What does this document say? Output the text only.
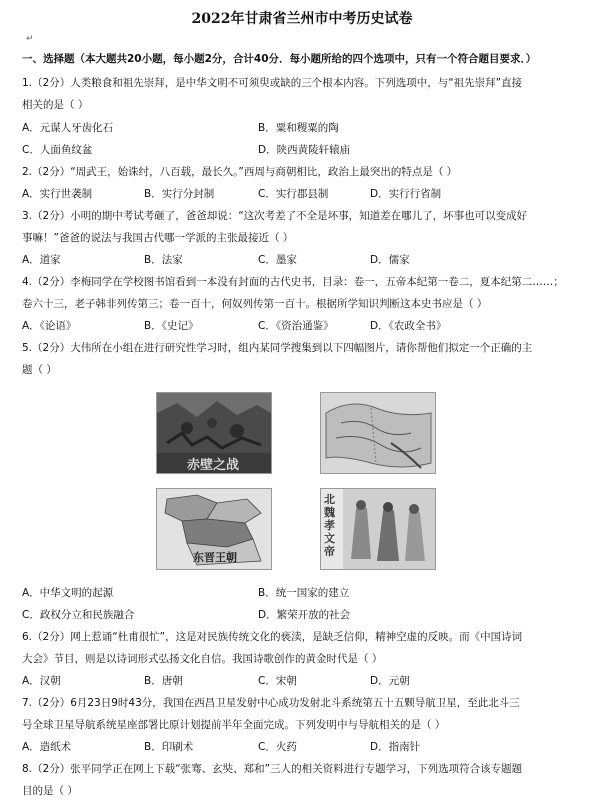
2022年甘肃省兰州市中考历史试卷
↵
一、选择题（本大题共20小题，每小题2分，合计40分．每小题所给的四个选项中，只有一个符合题目要求．）
1.（2分）人类粮食和祖先崇拜，是中华文明不可须臾或缺的三个根本内容。下列选项中，与“祖先崇拜”直接
相关的是（ ）
A．元谋人牙齿化石	B．粟和稷粟的陶
C．人面鱼纹盆	D．陕西黄陵轩辕庙
2.（2分）“周武王，始诛纣，八百载，最长久。”西周与商朝相比，政治上最突出的特点是（ ）
A．实行世袭制	B．实行分封制	C．实行郡县制	D．实行行省制
3.（2分）小明的期中考试考砸了，爸爸却说：“这次考差了不全是坏事，知道差在哪儿了，坏事也可以变成好
事嘛！”爸爸的说法与我国古代哪一学派的主张最接近（ ）
A．道家	B．法家	C．墨家	D．儒家
4.（2分）李梅同学在学校图书馆看到一本没有封面的古代史书，目录：卷一，五帝本纪第一卷二，夏本纪第二……；
卷六十三，老子韩非列传第三；卷一百十，何奴列传第一百十。根据所学知识判断这本史书应是（ ）
A．《论语》	B．《史记》	C．《资治通鉴》	D．《农政全书》
5.（2分）大伟所在小组在进行研究性学习时，组内某同学搜集到以下四幅图片，请你帮他们拟定一个正确的主
题（ ）
赤壁之战
东晋王朝
北魏孝文帝
A．中华文明的起源	B．统一国家的建立
C．政权分立和民族融合	D．繁荣开放的社会
6.（2分）网上惹诵“杜甫很忙”，这是对民族传统文化的亵渎，是缺乏信仰，精神空虚的反映。而《中国诗词
大会》节目，则是以诗词形式弘扬文化自信。我国诗歌创作的黄金时代是（ ）
A．汉朝	B．唐朝	C．宋朝	D．元朝
7.（2分）6月23日9时43分，我国在西昌卫星发射中心成功发射北斗系统第五十五颗导航卫星，至此北斗三
号全球卫星导航系统星座部署比原计划提前半年全面完成。下列发明中与导航相关的是（ ）
A．造纸术	B．印刷术	C．火药	D．指南针
8.（2分）张平同学正在网上下载“张骞、玄奘、郑和”三人的相关资料进行专题学习，下列选项符合该专题题
目的是（ ）
